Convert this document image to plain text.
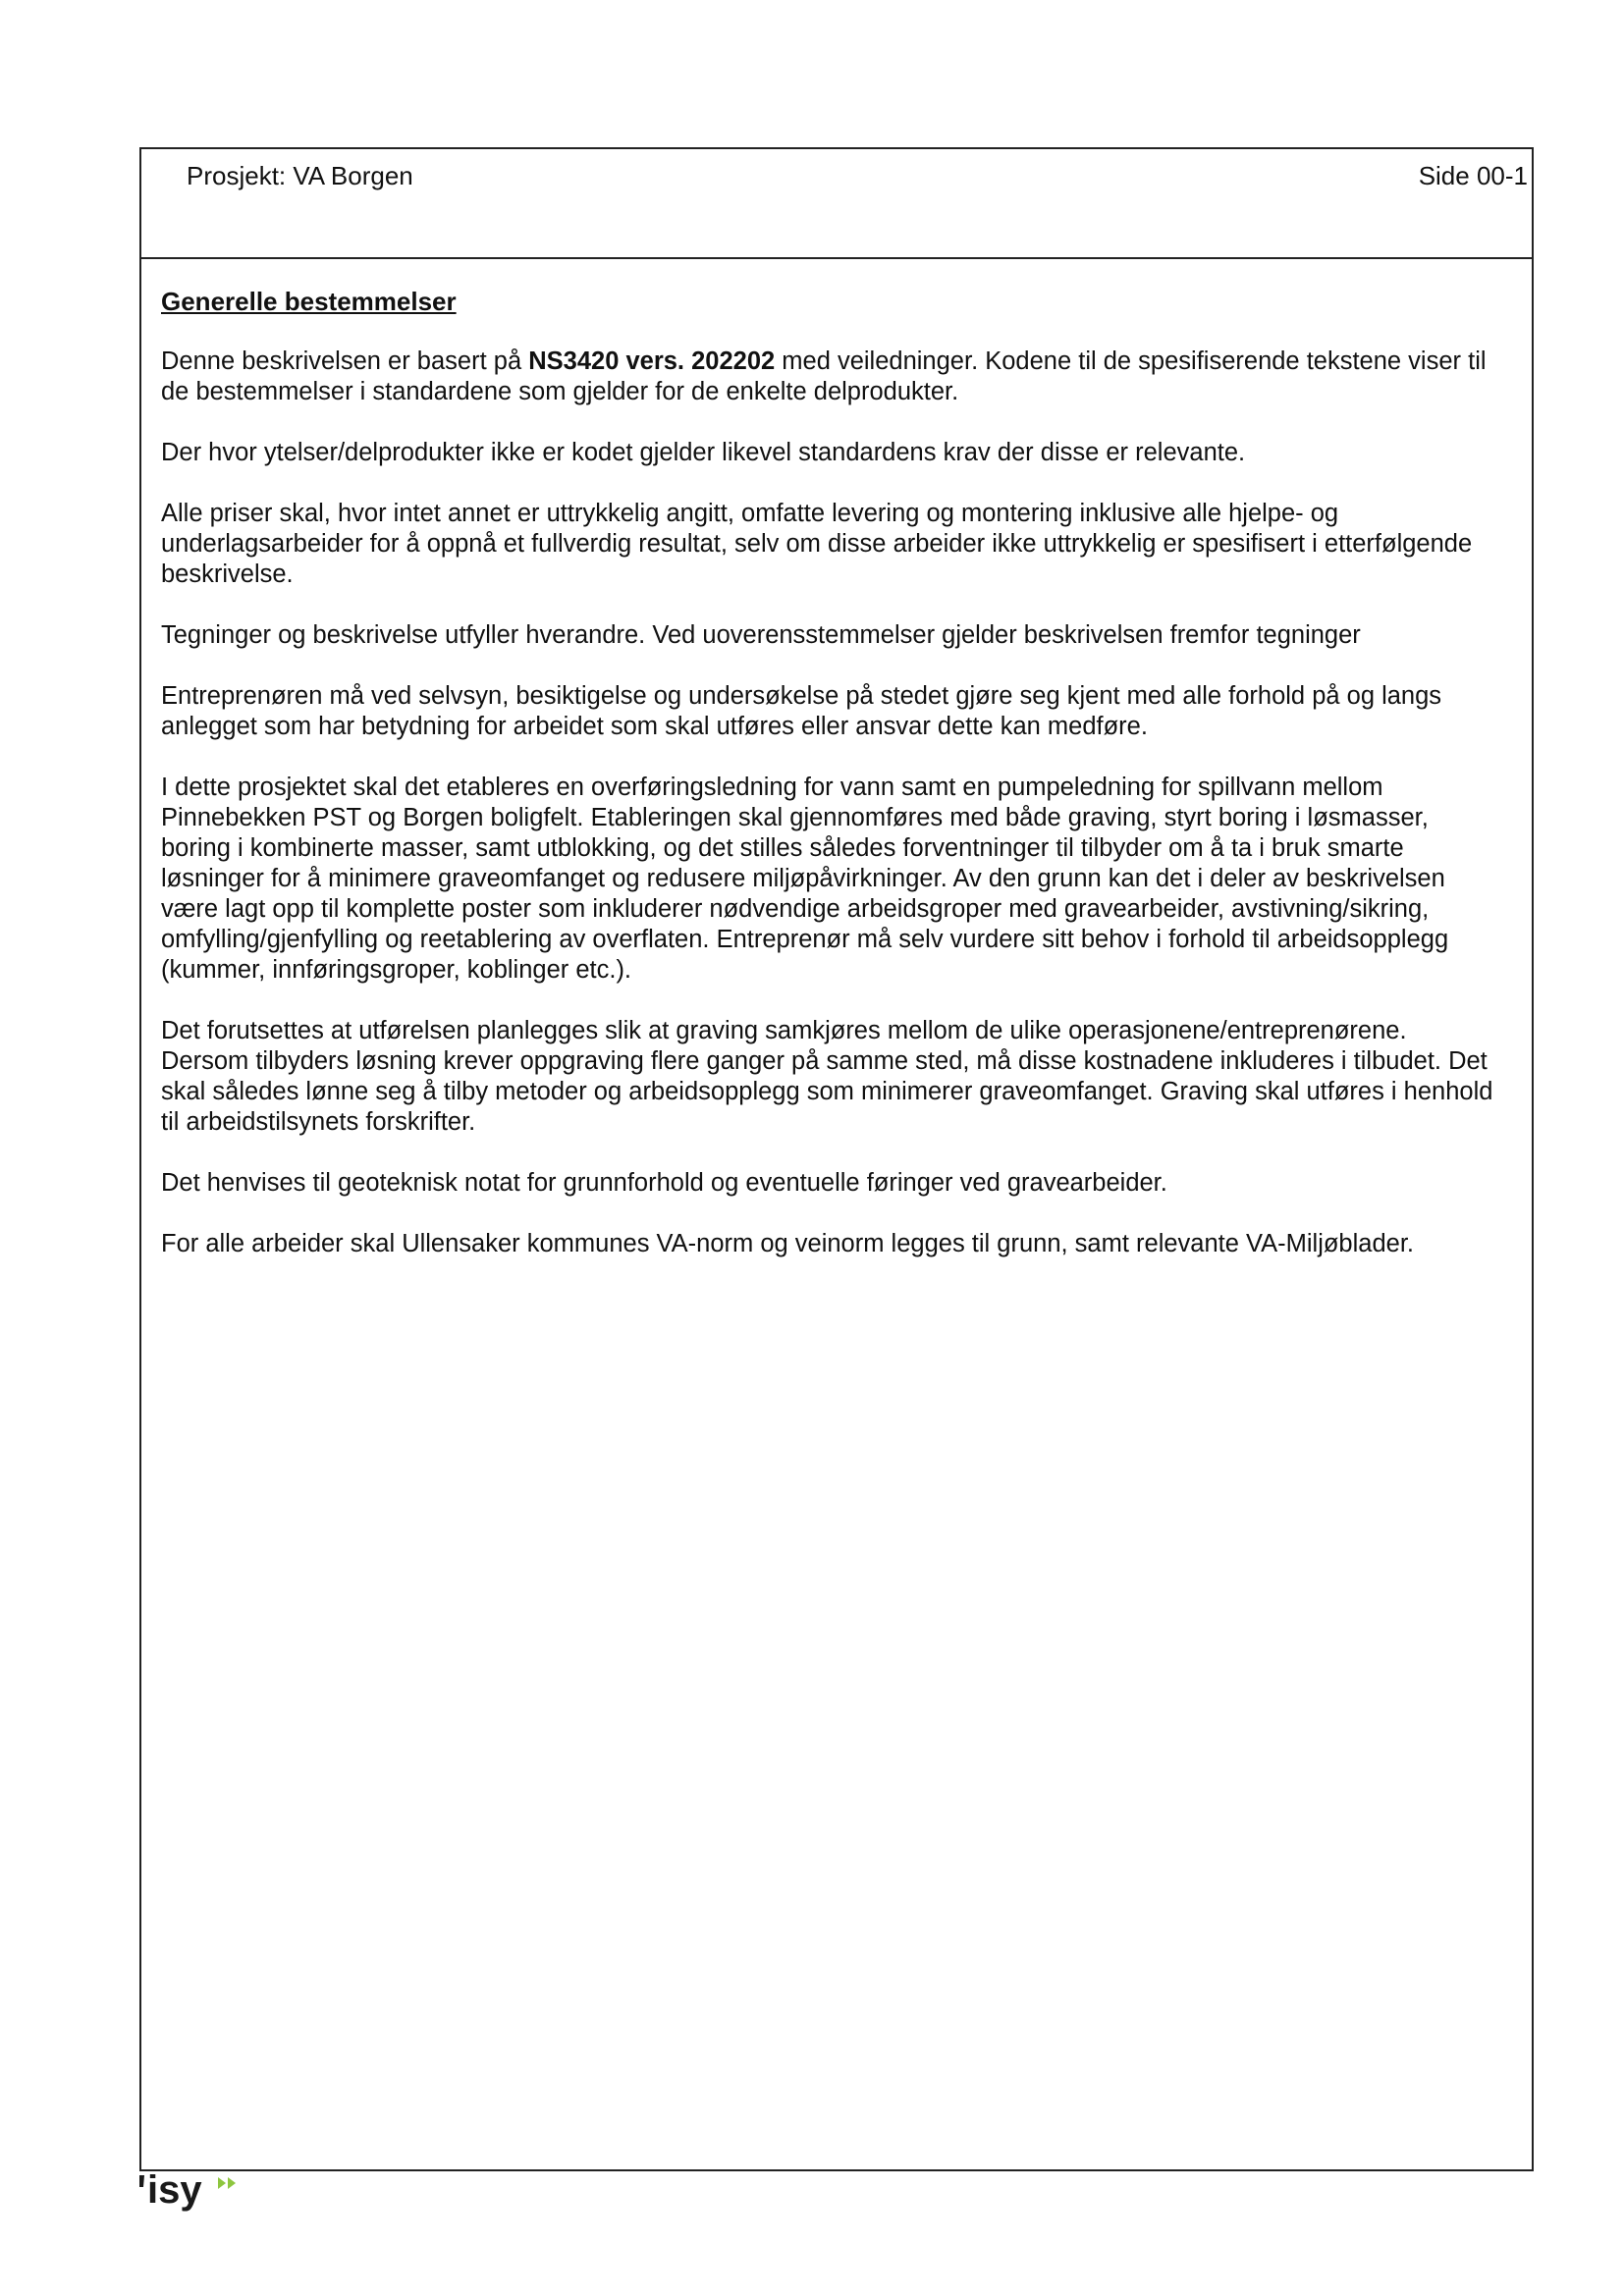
Prosjekt: VA Borgen	Side 00-1
Generelle bestemmelser

Denne beskrivelsen er basert på NS3420 vers. 202202 med veiledninger. Kodene til de spesifiserende tekstene viser til de bestemmelser i standardene som gjelder for de enkelte delprodukter.

Der hvor ytelser/delprodukter ikke er kodet gjelder likevel standardens krav der disse er relevante.

Alle priser skal, hvor intet annet er uttrykkelig angitt, omfatte levering og montering inklusive alle hjelpe- og underlagsarbeider for å oppnå et fullverdig resultat, selv om disse arbeider ikke uttrykkelig er spesifisert i etterfølgende beskrivelse.

Tegninger og beskrivelse utfyller hverandre. Ved uoverensstemmelser gjelder beskrivelsen fremfor tegninger

Entreprenøren må ved selvsyn, besiktigelse og undersøkelse på stedet gjøre seg kjent med alle forhold på og langs anlegget som har betydning for arbeidet som skal utføres eller ansvar dette kan medføre.

I dette prosjektet skal det etableres en overføringsledning for vann samt en pumpeledning for spillvann mellom Pinnebekken PST og Borgen boligfelt. Etableringen skal gjennomføres med både graving, styrt boring i løsmasser, boring i kombinerte masser, samt utblokking, og det stilles således forventninger til tilbyder om å ta i bruk smarte løsninger for å minimere graveomfanget og redusere miljøpåvirkninger. Av den grunn kan det i deler av beskrivelsen være lagt opp til komplette poster som inkluderer nødvendige arbeidsgroper med gravearbeider, avstivning/sikring, omfylling/gjenfylling og reetablering av overflaten. Entreprenør må selv vurdere sitt behov i forhold til arbeidsopplegg (kummer, innføringsgroper, koblinger etc.).

Det forutsettes at utførelsen planlegges slik at graving samkjøres mellom de ulike operasjonene/entreprenørene. Dersom tilbyders løsning krever oppgraving flere ganger på samme sted, må disse kostnadene inkluderes i tilbudet. Det skal således lønne seg å tilby metoder og arbeidsopplegg som minimerer graveomfanget. Graving skal utføres i henhold til arbeidstilsynets forskrifter.

Det henvises til geoteknisk notat for grunnforhold og eventuelle føringer ved gravearbeider.

For alle arbeider skal Ullensaker kommunes VA-norm og veinorm legges til grunn, samt relevante VA-Miljøblader.

isy
